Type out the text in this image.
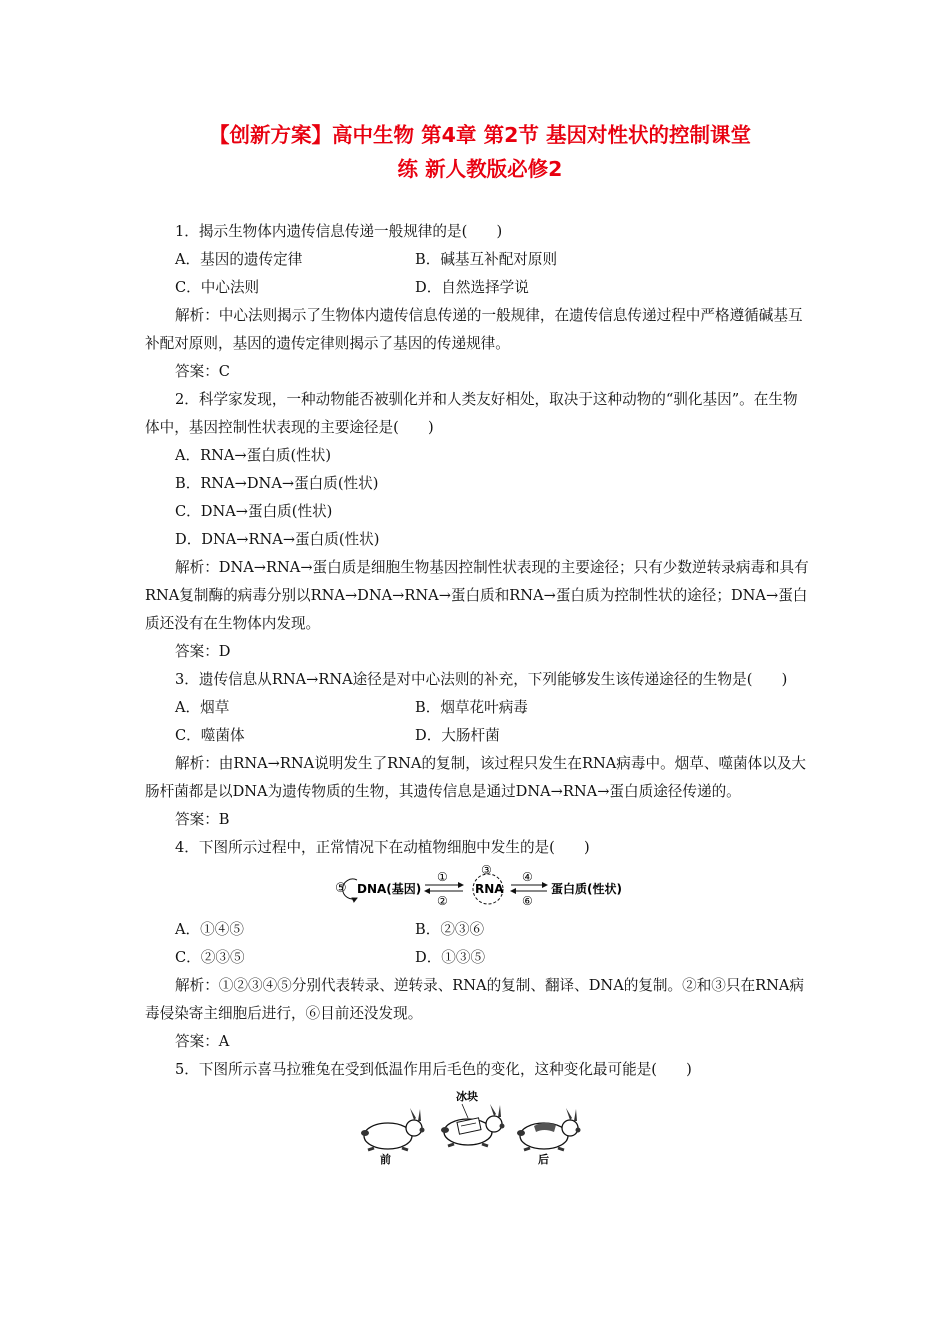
【创新方案】高中生物 第4章 第2节 基因对性状的控制课堂
练 新人教版必修2

1．揭示生物体内遗传信息传递一般规律的是(　　)

A．基因的遗传定律	B．碱基互补配对原则
C．中心法则	D．自然选择学说

解析：中心法则揭示了生物体内遗传信息传递的一般规律，在遗传信息传递过程中严格遵循碱基互补配对原则，基因的遗传定律则揭示了基因的传递规律。

答案：C

2．科学家发现，一种动物能否被驯化并和人类友好相处，取决于这种动物的“驯化基因”。在生物体中，基因控制性状表现的主要途径是(　　)

A．RNA→蛋白质(性状)

B．RNA→DNA→蛋白质(性状)

C．DNA→蛋白质(性状)

D．DNA→RNA→蛋白质(性状)

解析：DNA→RNA→蛋白质是细胞生物基因控制性状表现的主要途径；只有少数逆转录病毒和具有RNA复制酶的病毒分别以RNA→DNA→RNA→蛋白质和RNA→蛋白质为控制性状的途径；DNA→蛋白质还没有在生物体内发现。

答案：D

3．遗传信息从RNA→RNA途径是对中心法则的补充，下列能够发生该传递途径的生物是(　　)

A．烟草	B．烟草花叶病毒
C．噬菌体	D．大肠杆菌

解析：由RNA→RNA说明发生了RNA的复制，该过程只发生在RNA病毒中。烟草、噬菌体以及大肠杆菌都是以DNA为遗传物质的生物，其遗传信息是通过DNA→RNA→蛋白质途径传递的。

答案：B

4．下图所示过程中，正常情况下在动植物细胞中发生的是(　　)

⑤ DNA(基因)
①
②
③
RNA
④
⑥
蛋白质(性状)
A．①④⑤	B．②③⑥
C．②③⑤	D．①③⑤

解析：①②③④⑤分别代表转录、逆转录、RNA的复制、翻译、DNA的复制。②和③只在RNA病毒侵染寄主细胞后进行，⑥目前还没发现。

答案：A

5．下图所示喜马拉雅兔在受到低温作用后毛色的变化，这种变化最可能是(　　)

前
冰块
后
